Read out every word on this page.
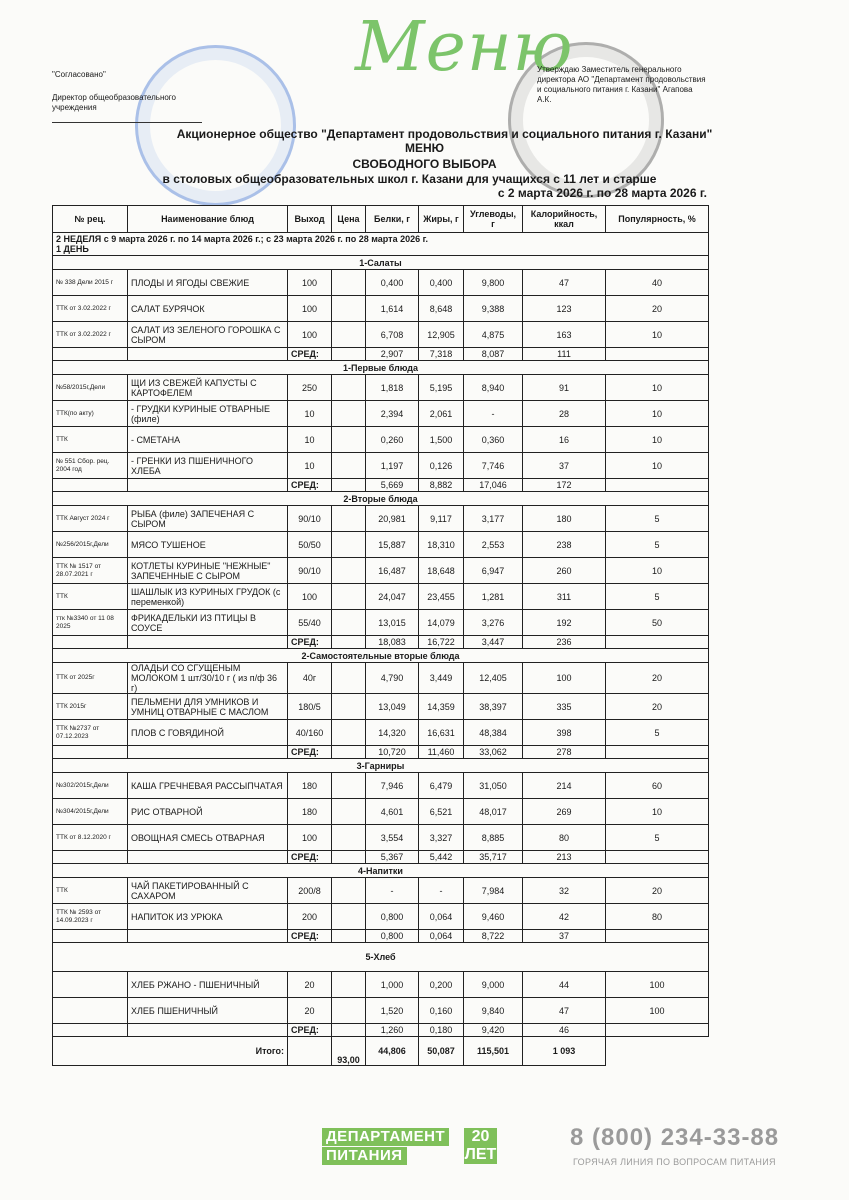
Меню
"Согласовано"
Директор общеобразовательного учреждения
Утверждаю Заместитель генерального директора АО "Департамент продовольствия и социального питания г. Казани" Агапова А.К.
Акционерное общество "Департамент продовольствия и социального питания г. Казани"
МЕНЮ
СВОБОДНОГО ВЫБОРА
в столовых общеобразовательных школ г. Казани для учащихся с 11 лет и старше
с 2 марта 2026 г. по 28 марта 2026 г.
№ рец.	Наименование блюд	Выход	Цена	Белки, г	Жиры, г	Углеводы, г	Калорийность, ккал	Популярность, %

2 НЕДЕЛЯ с 9 марта 2026 г. по 14 марта 2026 г.; с 23 марта 2026 г. по 28 марта 2026 г.
1 ДЕНЬ								

1-Салаты								
№ 338 Дели 2015 г	ПЛОДЫ И ЯГОДЫ СВЕЖИЕ	100		0,400	0,400	9,800	47	40
ТТК от 3.02.2022 г	САЛАТ БУРЯЧОК	100		1,614	8,648	9,388	123	20
ТТК от 3.02.2022 г	САЛАТ ИЗ ЗЕЛЕНОГО ГОРОШКА С СЫРОМ	100		6,708	12,905	4,875	163	10
		СРЕД:		2,907	7,318	8,087	111	
1-Первые блюда								
№58/2015г,Дели	ЩИ ИЗ СВЕЖЕЙ КАПУСТЫ С КАРТОФЕЛЕМ	250		1,818	5,195	8,940	91	10
ТТК(по акту)	- ГРУДКИ КУРИНЫЕ ОТВАРНЫЕ (филе)	10		2,394	2,061	-	28	10
ТТК	- СМЕТАНА	10		0,260	1,500	0,360	16	10
№ 551 Сбор. рец. 2004 год	- ГРЕНКИ ИЗ ПШЕНИЧНОГО ХЛЕБА	10		1,197	0,126	7,746	37	10
		СРЕД:		5,669	8,882	17,046	172	
2-Вторые блюда								
ТТК Август 2024 г	РЫБА (филе) ЗАПЕЧЕНАЯ С СЫРОМ	90/10		20,981	9,117	3,177	180	5
№256/2015г,Дели	МЯСО ТУШЕНОЕ	50/50		15,887	18,310	2,553	238	5
ТТК № 1517 от 28.07.2021 г	КОТЛЕТЫ КУРИНЫЕ "НЕЖНЫЕ" ЗАПЕЧЕННЫЕ С СЫРОМ	90/10		16,487	18,648	6,947	260	10
ТТК	ШАШЛЫК ИЗ КУРИНЫХ ГРУДОК (с переменкой)	100		24,047	23,455	1,281	311	5
ттк №3340 от 11 08 2025	ФРИКАДЕЛЬКИ ИЗ ПТИЦЫ В СОУСЕ	55/40		13,015	14,079	3,276	192	50
		СРЕД:		18,083	16,722	3,447	236	
2-Самостоятельные вторые блюда								
ТТК от 2025г	ОЛАДЬИ СО СГУЩЕНЫМ МОЛОКОМ 1 шт/30/10 г ( из п/ф 36 г)	40г		4,790	3,449	12,405	100	20
ТТК 2015г	ПЕЛЬМЕНИ ДЛЯ УМНИКОВ И УМНИЦ ОТВАРНЫЕ С МАСЛОМ	180/5		13,049	14,359	38,397	335	20
ТТК №2737 от 07.12.2023	ПЛОВ С ГОВЯДИНОЙ	40/160		14,320	16,631	48,384	398	5
		СРЕД:		10,720	11,460	33,062	278	
3-Гарниры								
№302/2015г,Дели	КАША ГРЕЧНЕВАЯ РАССЫПЧАТАЯ	180		7,946	6,479	31,050	214	60
№304/2015г,Дели	РИС ОТВАРНОЙ	180		4,601	6,521	48,017	269	10
ТТК от 8.12.2020 г	ОВОЩНАЯ СМЕСЬ ОТВАРНАЯ	100		3,554	3,327	8,885	80	5
		СРЕД:		5,367	5,442	35,717	213	
4-Напитки								
ТТК	ЧАЙ ПАКЕТИРОВАННЫЙ С САХАРОМ	200/8		-	-	7,984	32	20
ТТК № 2593 от 14.09.2023 г	НАПИТОК ИЗ УРЮКА	200		0,800	0,064	9,460	42	80
		СРЕД:		0,800	0,064	8,722	37	
5-Хлеб								
	ХЛЕБ РЖАНО - ПШЕНИЧНЫЙ	20		1,000	0,200	9,000	44	100
	ХЛЕБ ПШЕНИЧНЫЙ	20		1,520	0,160	9,840	47	100
		СРЕД:		1,260	0,180	9,420	46	
Итого:			93,00	44,806	50,087	115,501	1 093	
ДЕПАРТАМЕНТ
ПИТАНИЯ
20 ЛЕТ
8 (800) 234-33-88
ГОРЯЧАЯ ЛИНИЯ ПО ВОПРОСАМ ПИТАНИЯ
